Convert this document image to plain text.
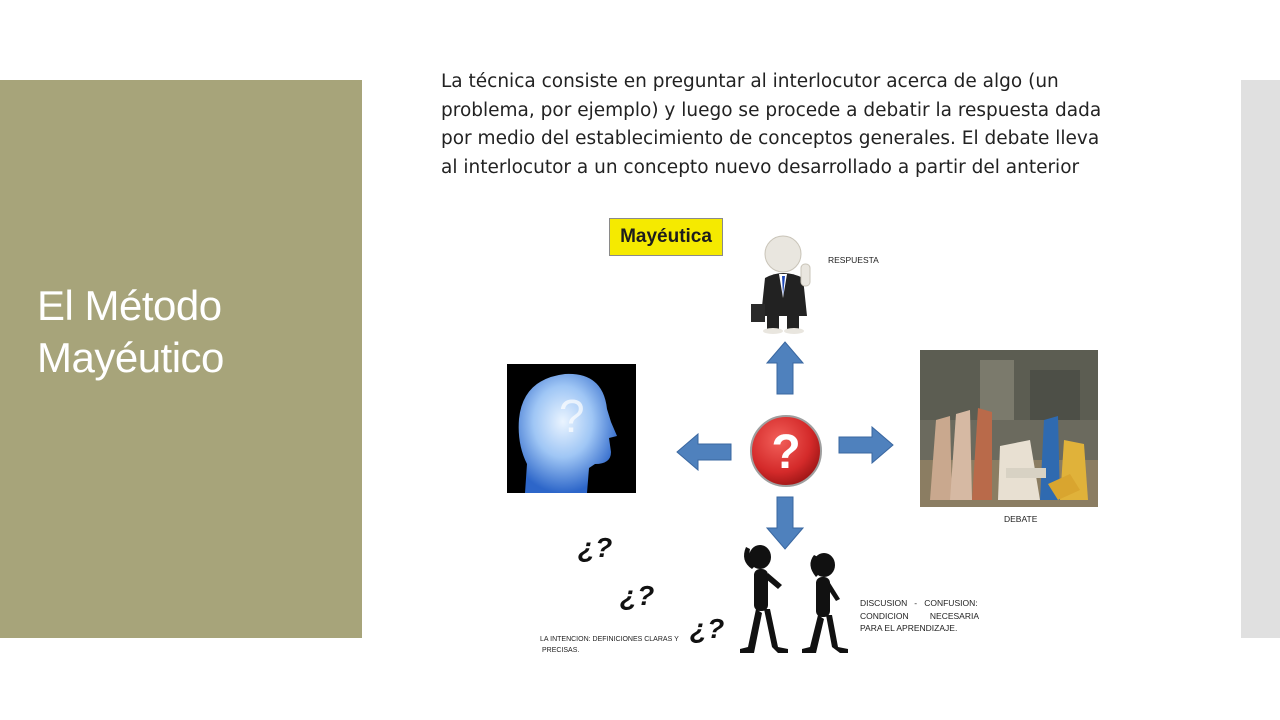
El Método
Mayéutico
La técnica consiste en preguntar al interlocutor acerca de algo (un
problema, por ejemplo) y luego se procede a debatir la respuesta dada
por medio del establecimiento de conceptos generales. El debate lleva
al interlocutor a un concepto nuevo desarrollado a partir del anterior
Mayéutica
RESPUESTA
?
DEBATE
?
¿?
¿?
¿?
DISCUSION   -   CONFUSION:
CONDICION         NECESARIA
PARA EL APRENDIZAJE.
LA INTENCION: DEFINICIONES CLARAS Y
PRECISAS.
